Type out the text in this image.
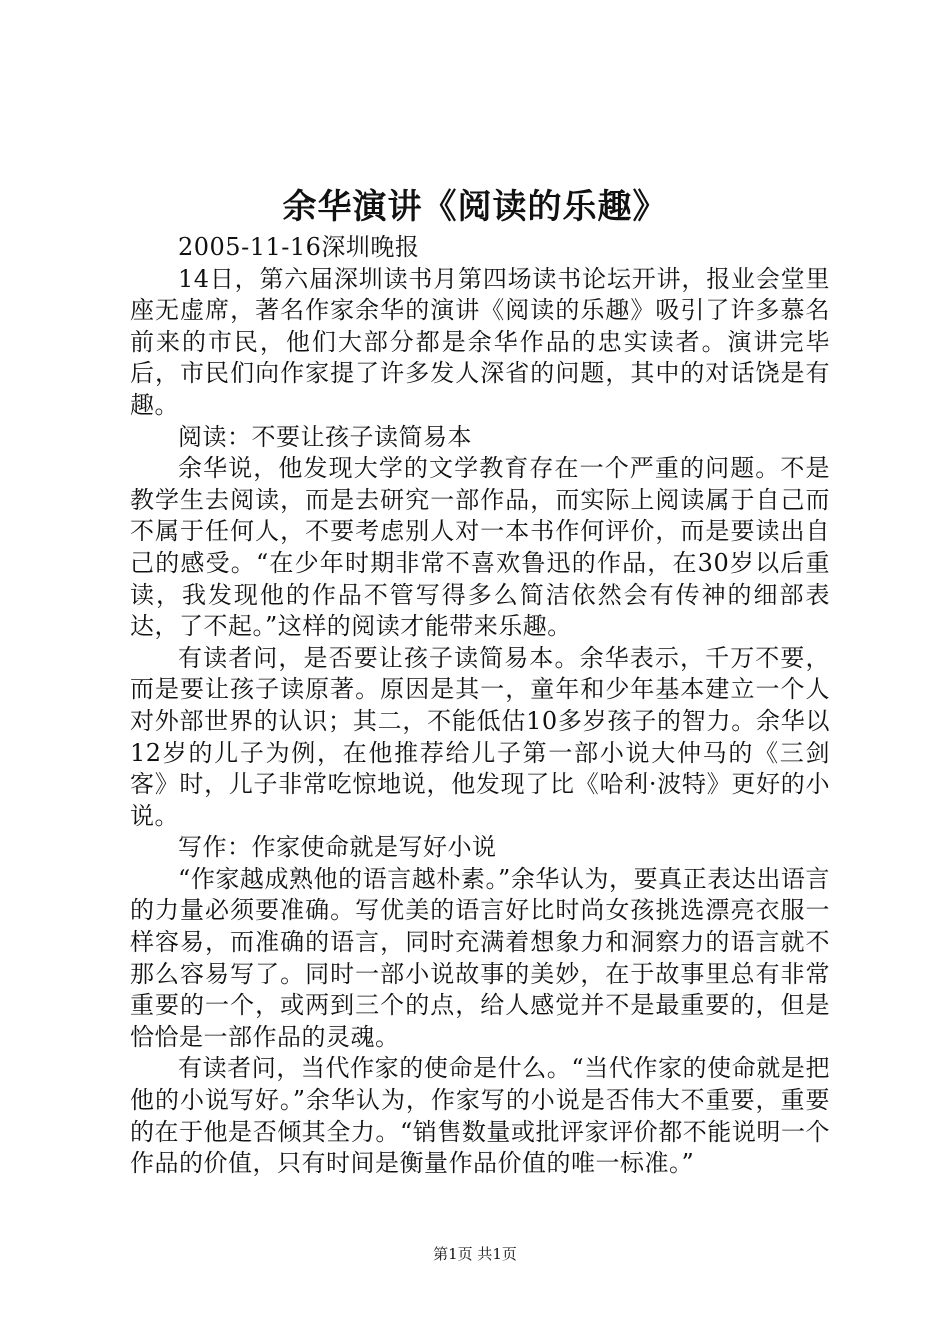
余华演讲《阅读的乐趣》

2005-11-16深圳晚报

14日，第六届深圳读书月第四场读书论坛开讲，报业会堂里座无虚席，著名作家余华的演讲《阅读的乐趣》吸引了许多慕名前来的市民，他们大部分都是余华作品的忠实读者。演讲完毕后，市民们向作家提了许多发人深省的问题，其中的对话饶是有趣。

阅读：不要让孩子读简易本

余华说，他发现大学的文学教育存在一个严重的问题。不是教学生去阅读，而是去研究一部作品，而实际上阅读属于自己而不属于任何人，不要考虑别人对一本书作何评价，而是要读出自己的感受。“在少年时期非常不喜欢鲁迅的作品，在30岁以后重读，我发现他的作品不管写得多么简洁依然会有传神的细部表达，了不起。”这样的阅读才能带来乐趣。

有读者问，是否要让孩子读简易本。余华表示，千万不要，而是要让孩子读原著。原因是其一，童年和少年基本建立一个人对外部世界的认识；其二，不能低估10多岁孩子的智力。余华以12岁的儿子为例，在他推荐给儿子第一部小说大仲马的《三剑客》时，儿子非常吃惊地说，他发现了比《哈利·波特》更好的小说。

写作：作家使命就是写好小说

“作家越成熟他的语言越朴素。”余华认为，要真正表达出语言的力量必须要准确。写优美的语言好比时尚女孩挑选漂亮衣服一样容易，而准确的语言，同时充满着想象力和洞察力的语言就不那么容易写了。同时一部小说故事的美妙，在于故事里总有非常重要的一个，或两到三个的点，给人感觉并不是最重要的，但是恰恰是一部作品的灵魂。

有读者问，当代作家的使命是什么。“当代作家的使命就是把他的小说写好。”余华认为，作家写的小说是否伟大不重要，重要的在于他是否倾其全力。“销售数量或批评家评价都不能说明一个作品的价值，只有时间是衡量作品价值的唯一标准。”

第1页 共1页
